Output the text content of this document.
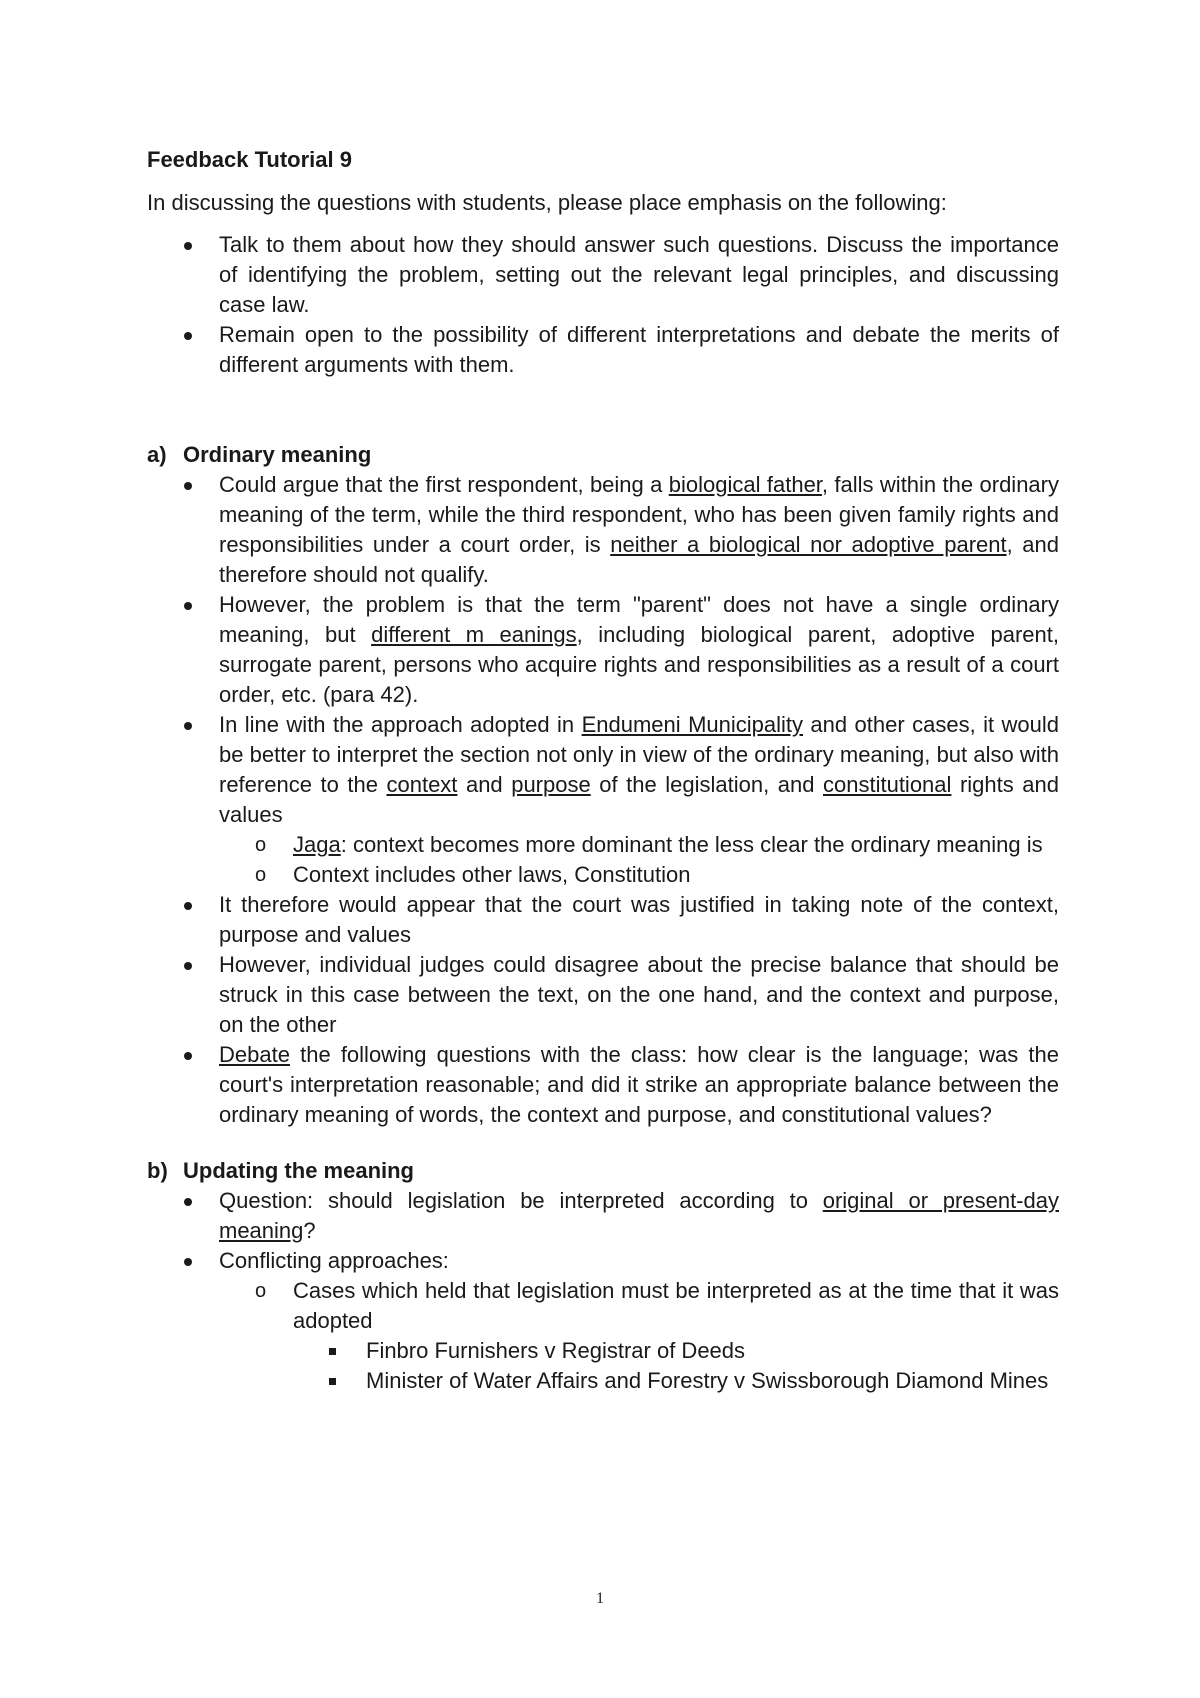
Feedback Tutorial 9

In discussing the questions with students, please place emphasis on the following:

Talk to them about how they should answer such questions. Discuss the importance of identifying the problem, setting out the relevant legal principles, and discussing case law.
Remain open to the possibility of different interpretations and debate the merits of different arguments with them.

a) Ordinary meaning

Could argue that the first respondent, being a biological father, falls within the ordinary meaning of the term, while the third respondent, who has been given family rights and responsibilities under a court order, is neither a biological nor adoptive parent, and therefore should not qualify.
However, the problem is that the term "parent" does not have a single ordinary meaning, but different m eanings, including biological parent, adoptive parent, surrogate parent, persons who acquire rights and responsibilities as a result of a court order, etc. (para 42).
In line with the approach adopted in Endumeni Municipality and other cases, it would be better to interpret the section not only in view of the ordinary meaning, but also with reference to the context and purpose of the legislation, and constitutional rights and values
o Jaga: context becomes more dominant the less clear the ordinary meaning is
o Context includes other laws, Constitution
It therefore would appear that the court was justified in taking note of the context, purpose and values
However, individual judges could disagree about the precise balance that should be struck in this case between the text, on the one hand, and the context and purpose, on the other
Debate the following questions with the class: how clear is the language; was the court's interpretation reasonable; and did it strike an appropriate balance between the ordinary meaning of words, the context and purpose, and constitutional values?

b) Updating the meaning

Question: should legislation be interpreted according to original or present-day meaning?
Conflicting approaches:
o Cases which held that legislation must be interpreted as at the time that it was adopted
Finbro Furnishers v Registrar of Deeds
Minister of Water Affairs and Forestry v Swissborough Diamond Mines
1
